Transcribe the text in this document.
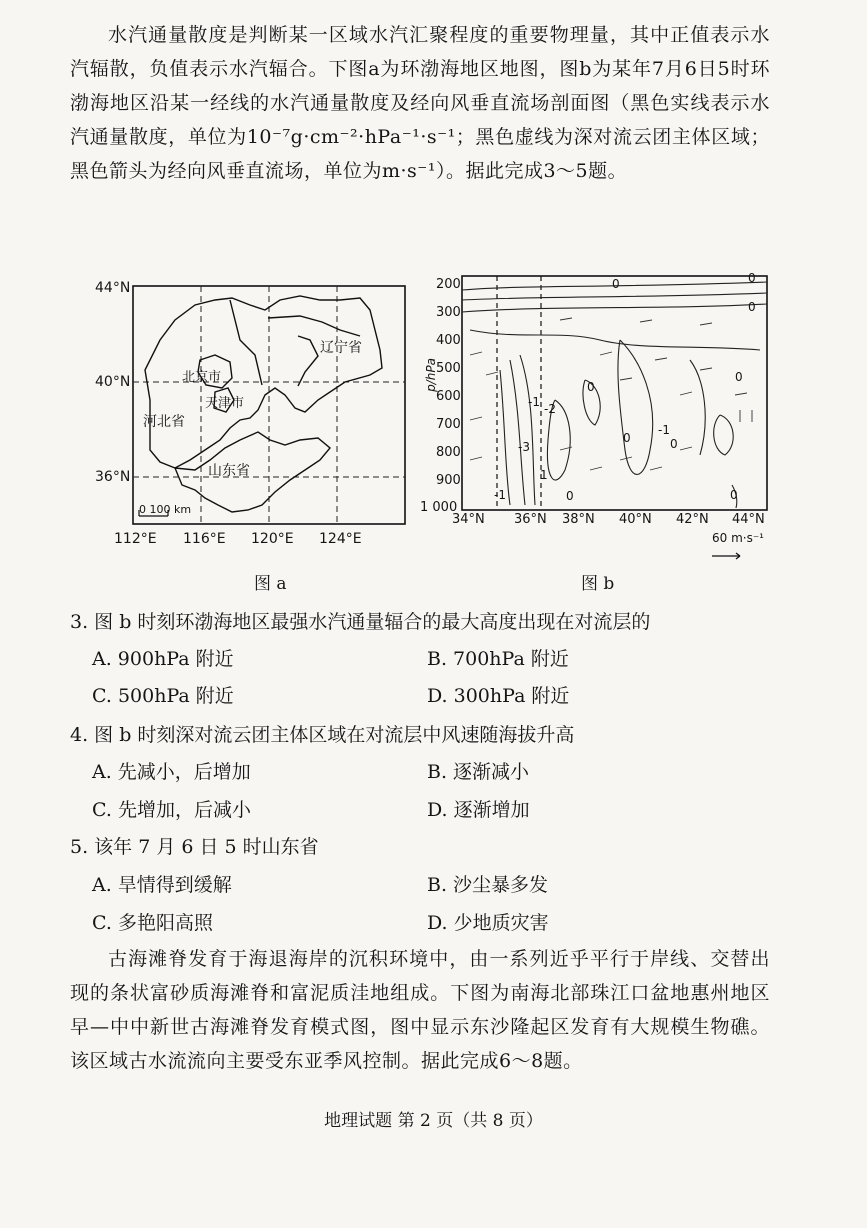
水汽通量散度是判断某一区域水汽汇聚程度的重要物理量，其中正值表示水汽辐散，负值表示水汽辐合。下图a为环渤海地区地图，图b为某年7月6日5时环渤海地区沿某一经线的水汽通量散度及经向风垂直流场剖面图（黑色实线表示水汽通量散度，单位为10⁻⁷g·cm⁻²·hPa⁻¹·s⁻¹；黑色虚线为深对流云团主体区域；黑色箭头为经向风垂直流场，单位为m·s⁻¹）。据此完成3～5题。
44°N
40°N
36°N
112°E 116°E 120°E 124°E
辽宁省
北京市
天津市
河北省
山东省
0 100 km
图 a
p/hPa
200
300
400
500
600
700
800
900
1 000
34°N 36°N 38°N 40°N 42°N 44°N
0	0
0
0
0
-1 -2
-3
-1
0
0
1
-1	0	0
60 m·s⁻¹
图 b
3. 图 b 时刻环渤海地区最强水汽通量辐合的最大高度出现在对流层的
A. 900hPa 附近	B. 700hPa 附近
C. 500hPa 附近	D. 300hPa 附近
4. 图 b 时刻深对流云团主体区域在对流层中风速随海拔升高
A. 先减小，后增加	B. 逐渐减小
C. 先增加，后减小	D. 逐渐增加
5. 该年 7 月 6 日 5 时山东省
A. 旱情得到缓解	B. 沙尘暴多发
C. 多艳阳高照	D. 少地质灾害
古海滩脊发育于海退海岸的沉积环境中，由一系列近乎平行于岸线、交替出现的条状富砂质海滩脊和富泥质洼地组成。下图为南海北部珠江口盆地惠州地区早—中中新世古海滩脊发育模式图，图中显示东沙隆起区发育有大规模生物礁。该区域古水流流向主要受东亚季风控制。据此完成6～8题。
地理试题 第 2 页（共 8 页）
